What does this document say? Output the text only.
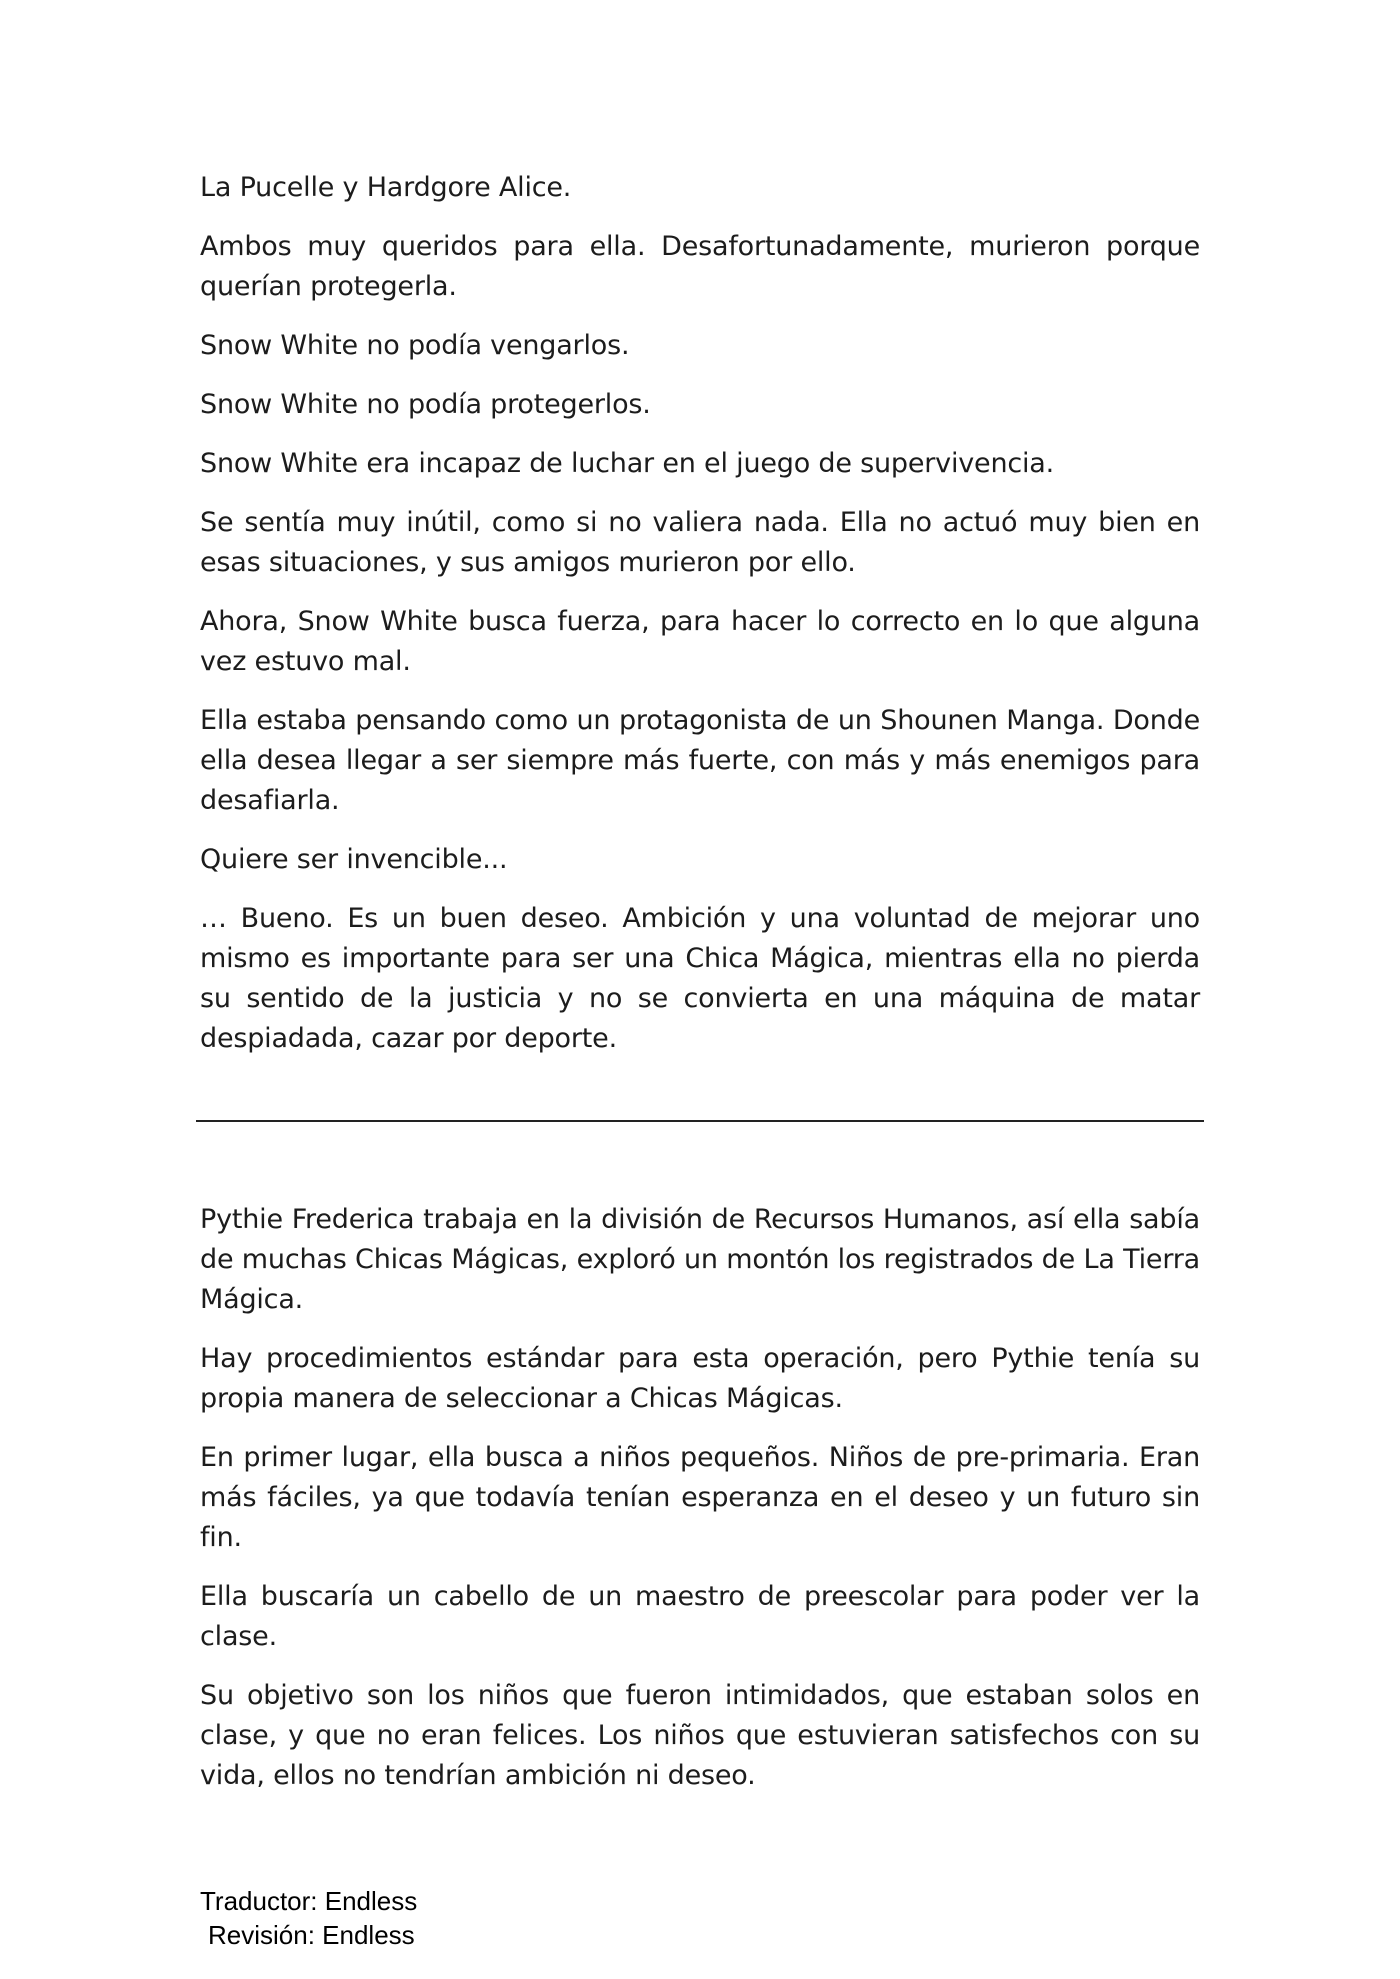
La Pucelle y Hardgore Alice.

Ambos muy queridos para ella. Desafortunadamente, murieron porque querían protegerla.

Snow White no podía vengarlos.

Snow White no podía protegerlos.

Snow White era incapaz de luchar en el juego de supervivencia.

Se sentía muy inútil, como si no valiera nada. Ella no actuó muy bien en esas situaciones, y sus amigos murieron por ello.

Ahora, Snow White busca fuerza, para hacer lo correcto en lo que alguna vez estuvo mal.

Ella estaba pensando como un protagonista de un Shounen Manga. Donde ella desea llegar a ser siempre más fuerte, con más y más enemigos para desafiarla.

Quiere ser invencible...

… Bueno. Es un buen deseo. Ambición y una voluntad de mejorar uno mismo es importante para ser una Chica Mágica, mientras ella no pierda su sentido de la justicia y no se convierta en una máquina de matar despiadada, cazar por deporte.

Pythie Frederica trabaja en la división de Recursos Humanos, así ella sabía de muchas Chicas Mágicas, exploró un montón los registrados de La Tierra Mágica.

Hay procedimientos estándar para esta operación, pero Pythie tenía su propia manera de seleccionar a Chicas Mágicas.

En primer lugar, ella busca a niños pequeños. Niños de pre-primaria. Eran más fáciles, ya que todavía tenían esperanza en el deseo y un futuro sin fin.

Ella buscaría un cabello de un maestro de preescolar para poder ver la clase.

Su objetivo son los niños que fueron intimidados, que estaban solos en clase, y que no eran felices. Los niños que estuvieran satisfechos con su vida, ellos no tendrían ambición ni deseo.

Traductor: Endless
Revisión: Endless
